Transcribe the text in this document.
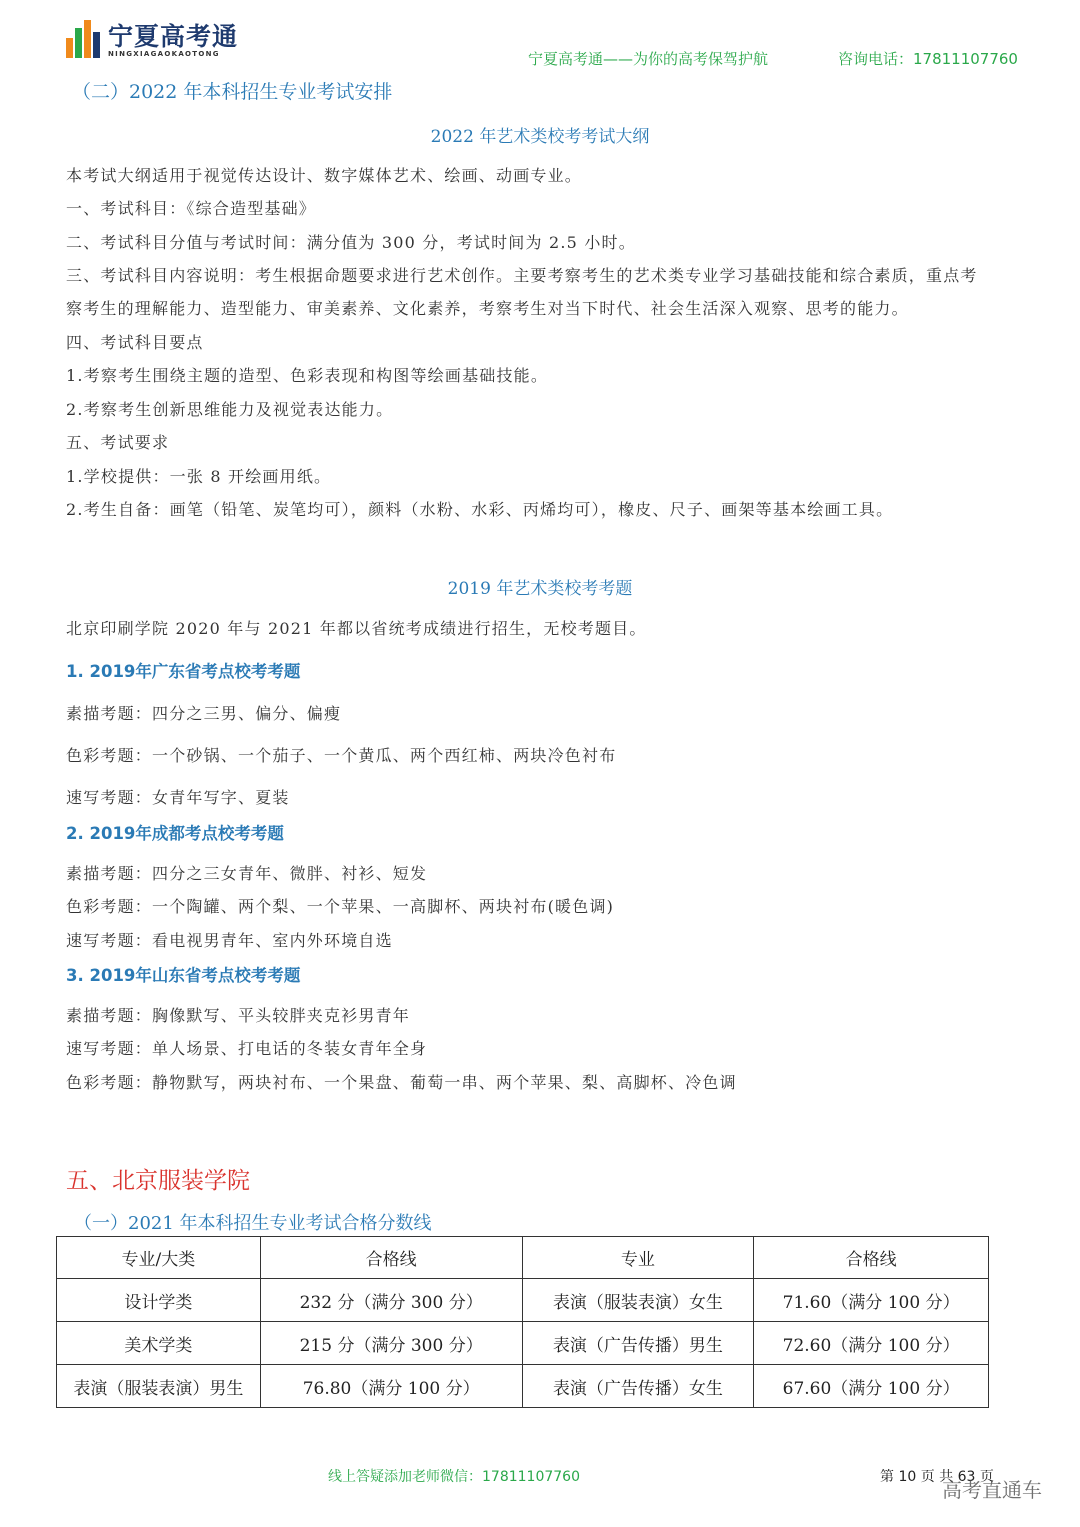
宁夏高考通
NINGXIAGAOKAOTONG	宁夏高考通——为你的高考保驾护航	咨询电话：17811107760
（二）2022 年本科招生专业考试安排
2022 年艺术类校考考试大纲
本考试大纲适用于视觉传达设计、数字媒体艺术、绘画、动画专业。
一、考试科目：《综合造型基础》
二、考试科目分值与考试时间：满分值为 300 分，考试时间为 2.5 小时。
三、考试科目内容说明：考生根据命题要求进行艺术创作。主要考察考生的艺术类专业学习基础技能和综合素质，重点考
察考生的理解能力、造型能力、审美素养、文化素养，考察考生对当下时代、社会生活深入观察、思考的能力。
四、考试科目要点
1.考察考生围绕主题的造型、色彩表现和构图等绘画基础技能。
2.考察考生创新思维能力及视觉表达能力。
五、考试要求
1.学校提供：一张 8 开绘画用纸。
2.考生自备：画笔（铅笔、炭笔均可），颜料（水粉、水彩、丙烯均可），橡皮、尺子、画架等基本绘画工具。
2019 年艺术类校考考题
北京印刷学院 2020 年与 2021 年都以省统考成绩进行招生，无校考题目。
1. 2019年广东省考点校考考题
素描考题：四分之三男、偏分、偏瘦
色彩考题：一个砂锅、一个茄子、一个黄瓜、两个西红柿、两块冷色衬布
速写考题：女青年写字、夏装
2. 2019年成都考点校考考题
素描考题：四分之三女青年、微胖、衬衫、短发
色彩考题：一个陶罐、两个梨、一个苹果、一高脚杯、两块衬布(暖色调)
速写考题：看电视男青年、室内外环境自选
3. 2019年山东省考点校考考题
素描考题：胸像默写、平头较胖夹克衫男青年
速写考题：单人场景、打电话的冬装女青年全身
色彩考题：静物默写，两块衬布、一个果盘、葡萄一串、两个苹果、梨、高脚杯、冷色调
五、北京服装学院
（一）2021 年本科招生专业考试合格分数线
专业/大类	合格线	专业	合格线
设计学类	232 分（满分 300 分）	表演（服装表演）女生	71.60（满分 100 分）
美术学类	215 分（满分 300 分）	表演（广告传播）男生	72.60（满分 100 分）
表演（服装表演）男生	76.80（满分 100 分）	表演（广告传播）女生	67.60（满分 100 分）
线上答疑添加老师微信：17811107760	第 10 页 共 63 页
高考直通车
